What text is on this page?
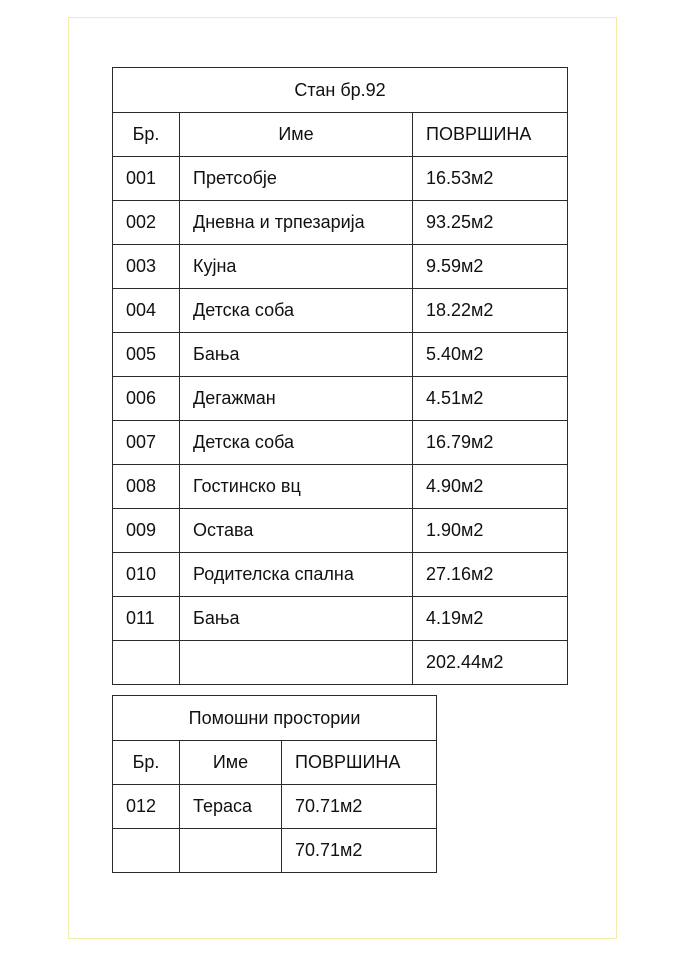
Стан бр.92		
Бр.	Име	ПОВРШИНА
001	Претсобје	16.53м2
002	Дневна и трпезарија	93.25м2
003	Кујна	9.59м2
004	Детска соба	18.22м2
005	Бања	5.40м2
006	Дегажман	4.51м2
007	Детска соба	16.79м2
008	Гостинско вц	4.90м2
009	Остава	1.90м2
010	Родителска спална	27.16м2
011	Бања	4.19м2
		202.44м2
Помошни простории		
Бр.	Име	ПОВРШИНА
012	Тераса	70.71м2
		70.71м2
